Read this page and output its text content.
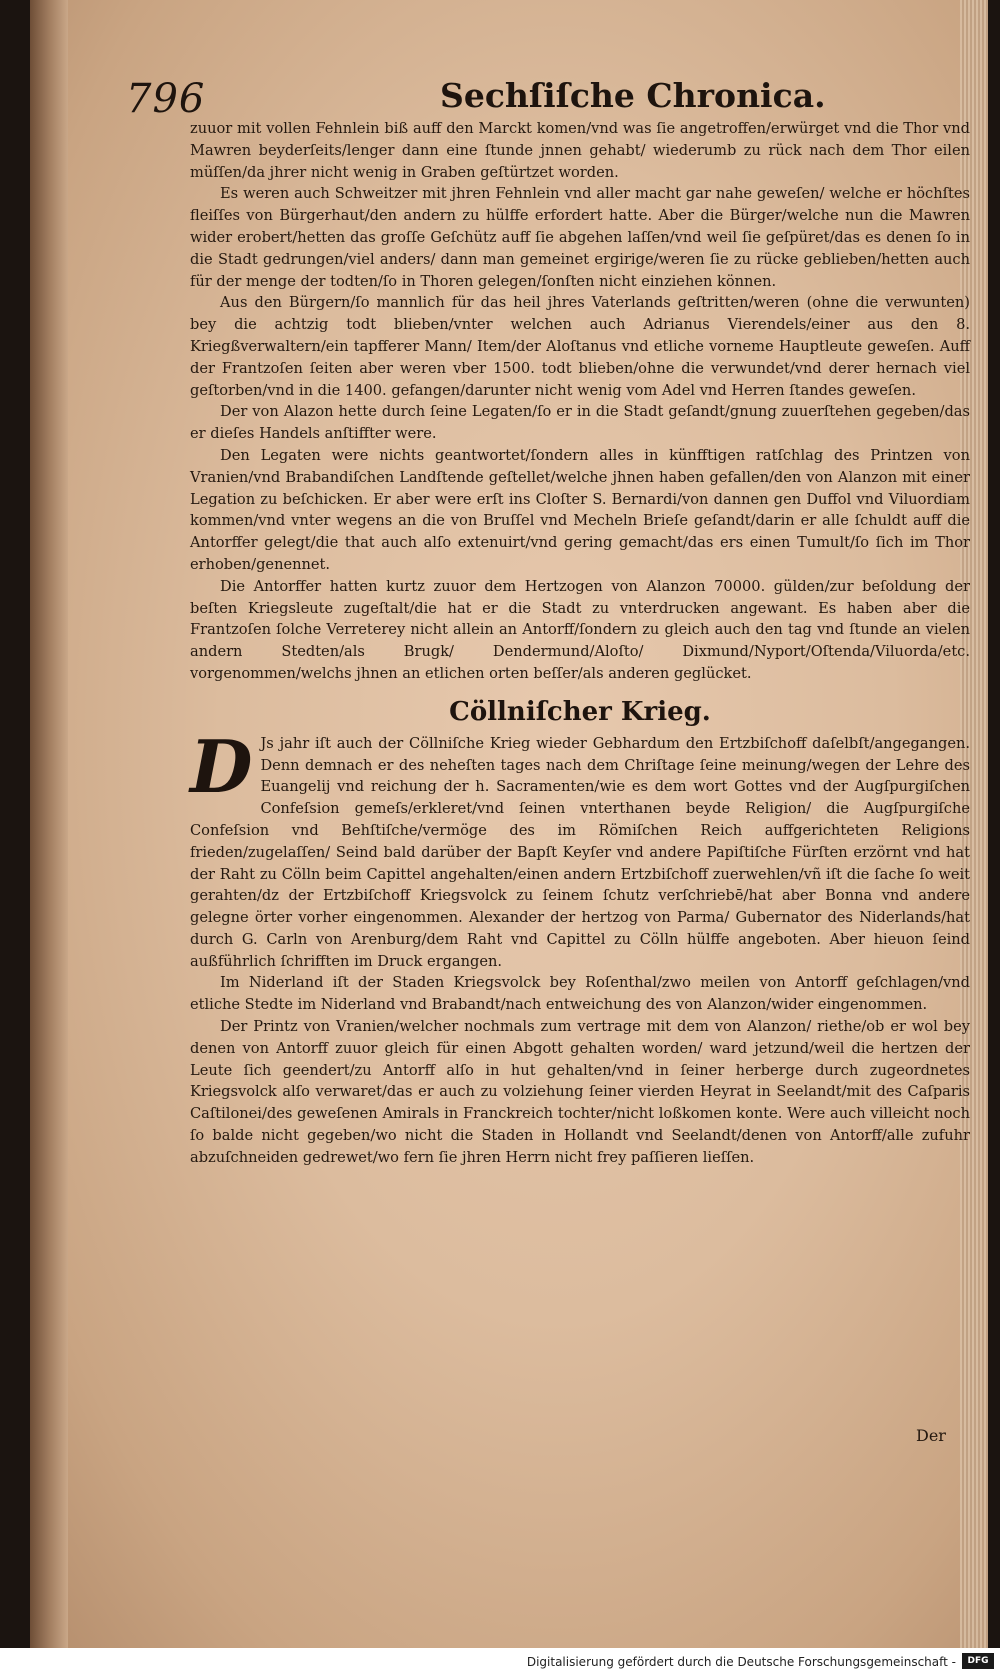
796	Sechſiſche Chronica.

zuuor mit vollen Fehnlein biß auff den Marckt komen/vnd was ſie angetroffen/erwürget vnd die Thor vnd Mawren beyderſeits/lenger dann eine ſtunde jnnen gehabt/ wiederumb zu rück nach dem Thor eilen müſſen/da jhrer nicht wenig in Graben geſtürtzet worden.

Es weren auch Schweitzer mit jhren Fehnlein vnd aller macht gar nahe geweſen/ welche er höchſtes fleiſſes von Bürgerhaut/den andern zu hülffe erfordert hatte. Aber die Bürger/welche nun die Mawren wider erobert/hetten das groſſe Geſchütz auff ſie abgehen laſſen/vnd weil ſie geſpüret/das es denen ſo in die Stadt gedrungen/viel anders/ dann man gemeinet ergirige/weren ſie zu rücke geblieben/hetten auch für der menge der todten/ſo in Thoren gelegen/ſonſten nicht einziehen können.

Aus den Bürgern/ſo mannlich für das heil jhres Vaterlands geſtritten/weren (ohne die verwunten) bey die achtzig todt blieben/vnter welchen auch Adrianus Vierendels/einer aus den 8. Kriegßverwaltern/ein tapfferer Mann/ Item/der Aloſtanus vnd etliche vorneme Hauptleute geweſen. Auff der Frantzoſen ſeiten aber weren vber 1500. todt blieben/ohne die verwundet/vnd derer hernach viel geſtorben/vnd in die 1400. gefangen/darunter nicht wenig vom Adel vnd Herren ſtandes geweſen.

Der von Alazon hette durch ſeine Legaten/ſo er in die Stadt geſandt/gnung zuuerſtehen gegeben/das er dieſes Handels anſtiffter were.

Den Legaten were nichts geantwortet/ſondern alles in künfftigen ratſchlag des Printzen von Vranien/vnd Brabandiſchen Landſtende geſtellet/welche jhnen haben gefallen/den von Alanzon mit einer Legation zu beſchicken. Er aber were erſt ins Cloſter S. Bernardi/von dannen gen Duffol vnd Viluordiam kommen/vnd vnter wegens an die von Bruſſel vnd Mecheln Brieſe geſandt/darin er alle ſchuldt auff die Antorffer gelegt/die that auch alſo extenuirt/vnd gering gemacht/das ers einen Tumult/ſo ſich im Thor erhoben/genennet.

Die Antorffer hatten kurtz zuuor dem Hertzogen von Alanzon 70000. gülden/zur beſoldung der beſten Kriegsleute zugeſtalt/die hat er die Stadt zu vnterdrucken angewant. Es haben aber die Frantzoſen ſolche Verreterey nicht allein an Antorff/ſondern zu gleich auch den tag vnd ſtunde an vielen andern Stedten/als Brugk/ Dendermund/Aloſto/ Dixmund/Nyport/Oſtenda/Viluorda/etc. vorgenommen/welchs jhnen an etlichen orten beſſer/als anderen geglücket.

Cöllniſcher Krieg.

D Js jahr iſt auch der Cöllniſche Krieg wieder Gebhardum den Ertzbiſchoff daſelbſt/angegangen. Denn demnach er des neheſten tages nach dem Chriſtage ſeine meinung/wegen der Lehre des Euangelij vnd reichung der h. Sacramenten/wie es dem wort Gottes vnd der Augſpurgiſchen Confeſsion gemeſs/erkleret/vnd ſeinen vnterthanen beyde Religion/ die Augſpurgiſche Confeſsion vnd Behſtiſche/vermöge des im Römiſchen Reich auffgerichteten Religions frieden/zugelaſſen/ Seind bald darüber der Bapſt Keyſer vnd andere Papiſtiſche Fürſten erzörnt vnd hat der Raht zu Cölln beim Capittel angehalten/einen andern Ertzbiſchoff zuerwehlen/vñ iſt die ſache ſo weit gerahten/dz der Ertzbiſchoff Kriegsvolck zu ſeinem ſchutz verſchriebē/hat aber Bonna vnd andere gelegne örter vorher eingenommen. Alexander der hertzog von Parma/ Gubernator des Niderlands/hat durch G. Carln von Arenburg/dem Raht vnd Capittel zu Cölln hülffe angeboten. Aber hieuon ſeind außführlich ſchrifften im Druck ergangen.

Im Niderland iſt der Staden Kriegsvolck bey Roſenthal/zwo meilen von Antorff geſchlagen/vnd etliche Stedte im Niderland vnd Brabandt/nach entweichung des von Alanzon/wider eingenommen.

Der Printz von Vranien/welcher nochmals zum vertrage mit dem von Alanzon/ riethe/ob er wol bey denen von Antorff zuuor gleich für einen Abgott gehalten worden/ ward jetzund/weil die hertzen der Leute ſich geendert/zu Antorff alſo in hut gehalten/vnd in ſeiner herberge durch zugeordnetes Kriegsvolck alſo verwaret/das er auch zu volziehung ſeiner vierden Heyrat in Seelandt/mit des Caſparis Caſtilonei/des geweſenen Amirals in Franckreich tochter/nicht loßkomen konte. Were auch villeicht noch ſo balde nicht gegeben/wo nicht die Staden in Hollandt vnd Seelandt/denen von Antorff/alle zufuhr abzuſchneiden gedrewet/wo fern ſie jhren Herrn nicht frey paſſieren lieſſen.

Der
Digitalisierung gefördert durch die Deutsche Forschungsgemeinschaft -	DFG
